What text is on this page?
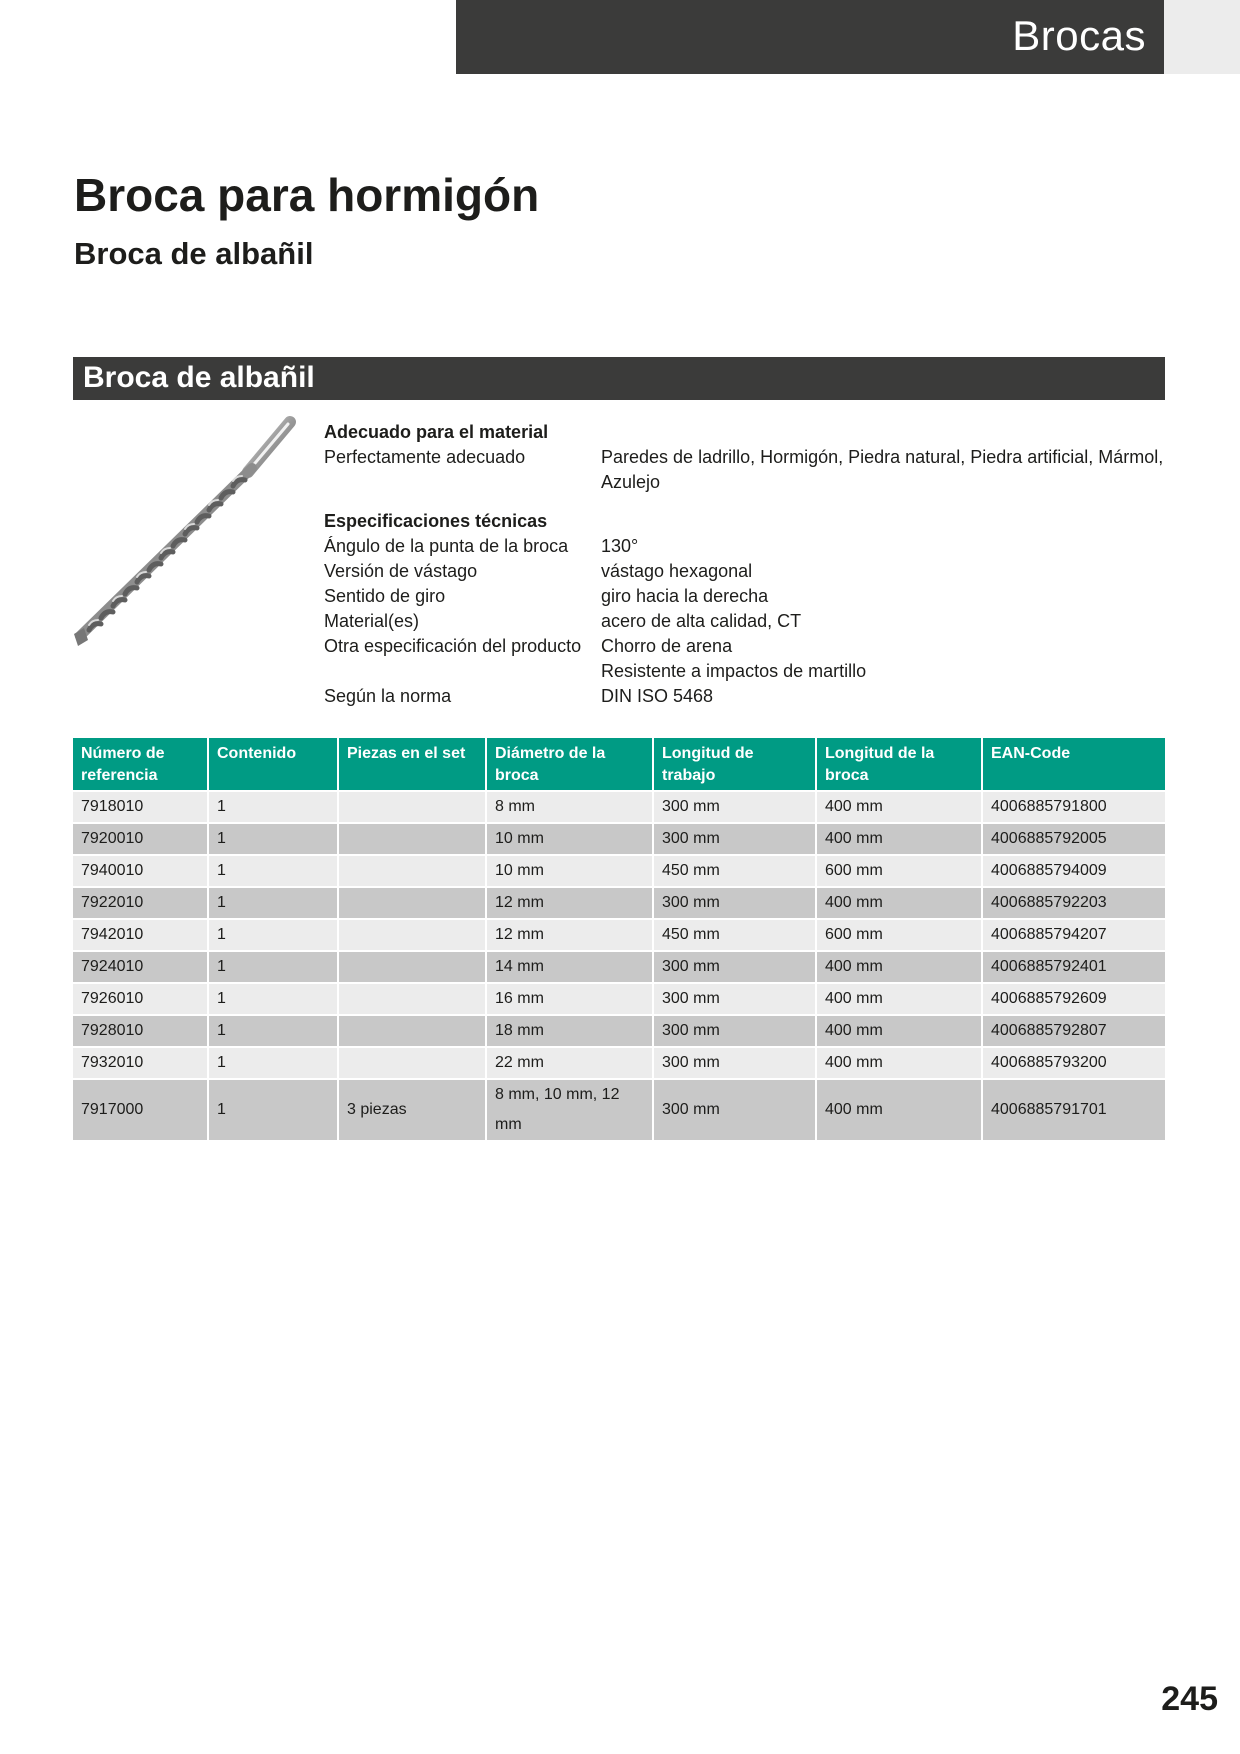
Brocas
Broca para hormigón
Broca de albañil
Broca de albañil
Adecuado para el material
Perfectamente adecuado	Paredes de ladrillo, Hormigón, Piedra natural, Piedra artificial, Mármol,
Azulejo
Especificaciones técnicas
Ángulo de la punta de la broca	130°
Versión de vástago	vástago hexagonal
Sentido de giro	giro hacia la derecha
Material(es)	acero de alta calidad, CT
Otra especificación del producto	Chorro de arena
Resistente a impactos de martillo
Según la norma	DIN ISO 5468
Número de referencia	Contenido	Piezas en el set	Diámetro de la broca	Longitud de trabajo	Longitud de la broca	EAN-Code
7918010	1		8 mm	300 mm	400 mm	4006885791800
7920010	1		10 mm	300 mm	400 mm	4006885792005
7940010	1		10 mm	450 mm	600 mm	4006885794009
7922010	1		12 mm	300 mm	400 mm	4006885792203
7942010	1		12 mm	450 mm	600 mm	4006885794207
7924010	1		14 mm	300 mm	400 mm	4006885792401
7926010	1		16 mm	300 mm	400 mm	4006885792609
7928010	1		18 mm	300 mm	400 mm	4006885792807
7932010	1		22 mm	300 mm	400 mm	4006885793200
7917000	1	3 piezas	8 mm, 10 mm, 12 mm	300 mm	400 mm	4006885791701
245
